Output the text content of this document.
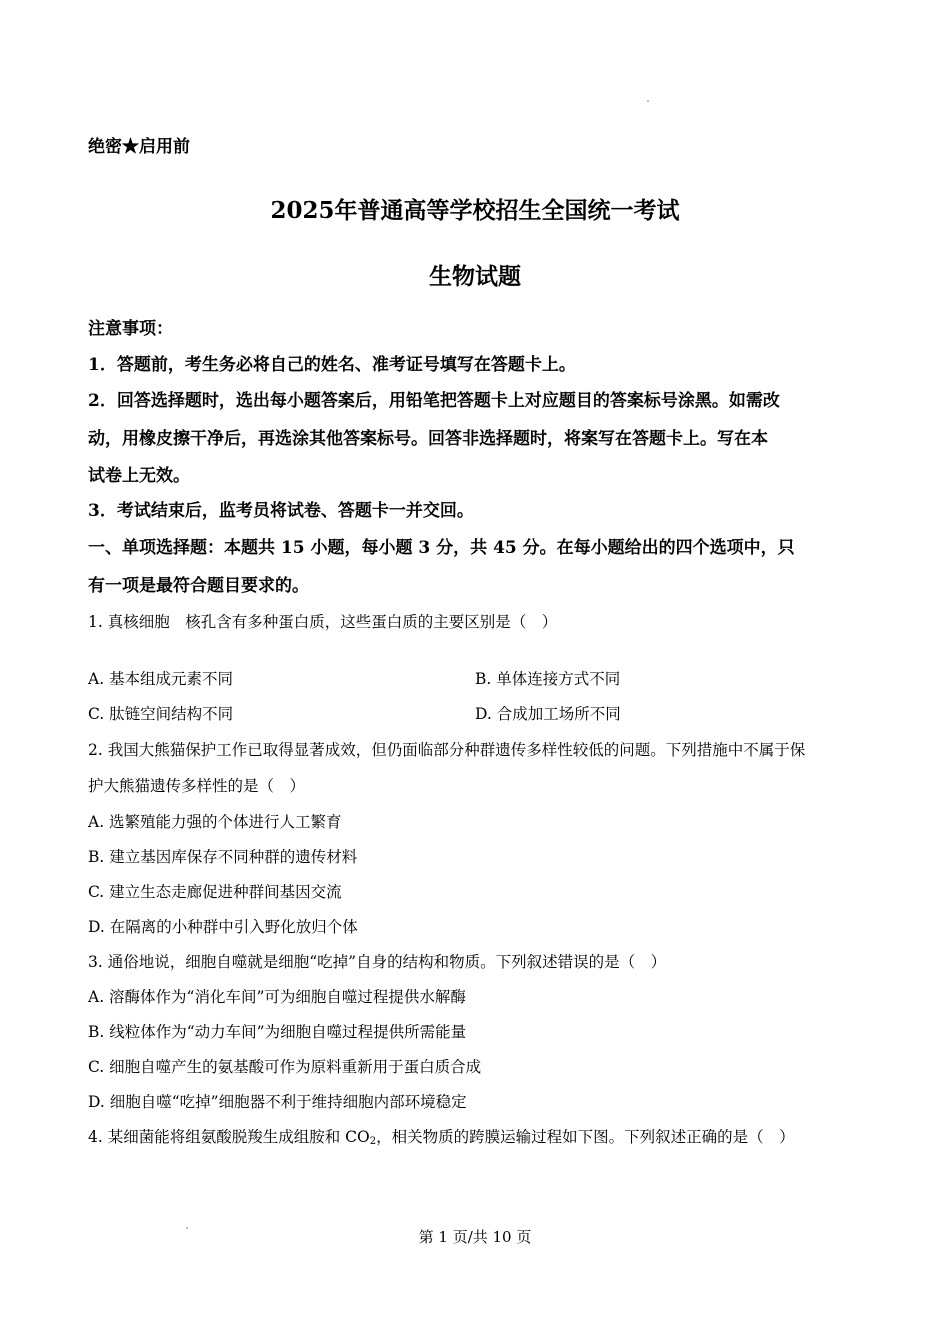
绝密★启用前
2025年普通高等学校招生全国统一考试
生物试题
注意事项：
1．答题前，考生务必将自己的姓名、准考证号填写在答题卡上。
2．回答选择题时，选出每小题答案后，用铅笔把答题卡上对应题目的答案标号涂黑。如需改
动，用橡皮擦干净后，再选涂其他答案标号。回答非选择题时，将案写在答题卡上。写在本
试卷上无效。
3．考试结束后，监考员将试卷、答题卡一并交回。
一、单项选择题：本题共 15 小题，每小题 3 分，共 45 分。在每小题给出的四个选项中，只
有一项是最符合题目要求的。
1. 真核细胞　核孔含有多种蛋白质，这些蛋白质的主要区别是（　）
A. 基本组成元素不同	B. 单体连接方式不同
C. 肽链空间结构不同	D. 合成加工场所不同
2. 我国大熊猫保护工作已取得显著成效，但仍面临部分种群遗传多样性较低的问题。下列措施中不属于保
护大熊猫遗传多样性的是（　）
A. 选繁殖能力强的个体进行人工繁育
B. 建立基因库保存不同种群的遗传材料
C. 建立生态走廊促进种群间基因交流
D. 在隔离的小种群中引入野化放归个体
3. 通俗地说，细胞自噬就是细胞“吃掉”自身的结构和物质。下列叙述错误的是（　）
A. 溶酶体作为“消化车间”可为细胞自噬过程提供水解酶
B. 线粒体作为“动力车间”为细胞自噬过程提供所需能量
C. 细胞自噬产生的氨基酸可作为原料重新用于蛋白质合成
D. 细胞自噬“吃掉”细胞器不利于维持细胞内部环境稳定
4. 某细菌能将组氨酸脱羧生成组胺和 $CO_2$，相关物质的跨膜运输过程如下图。下列叙述正确的是（　）
第 1 页/共 10 页
